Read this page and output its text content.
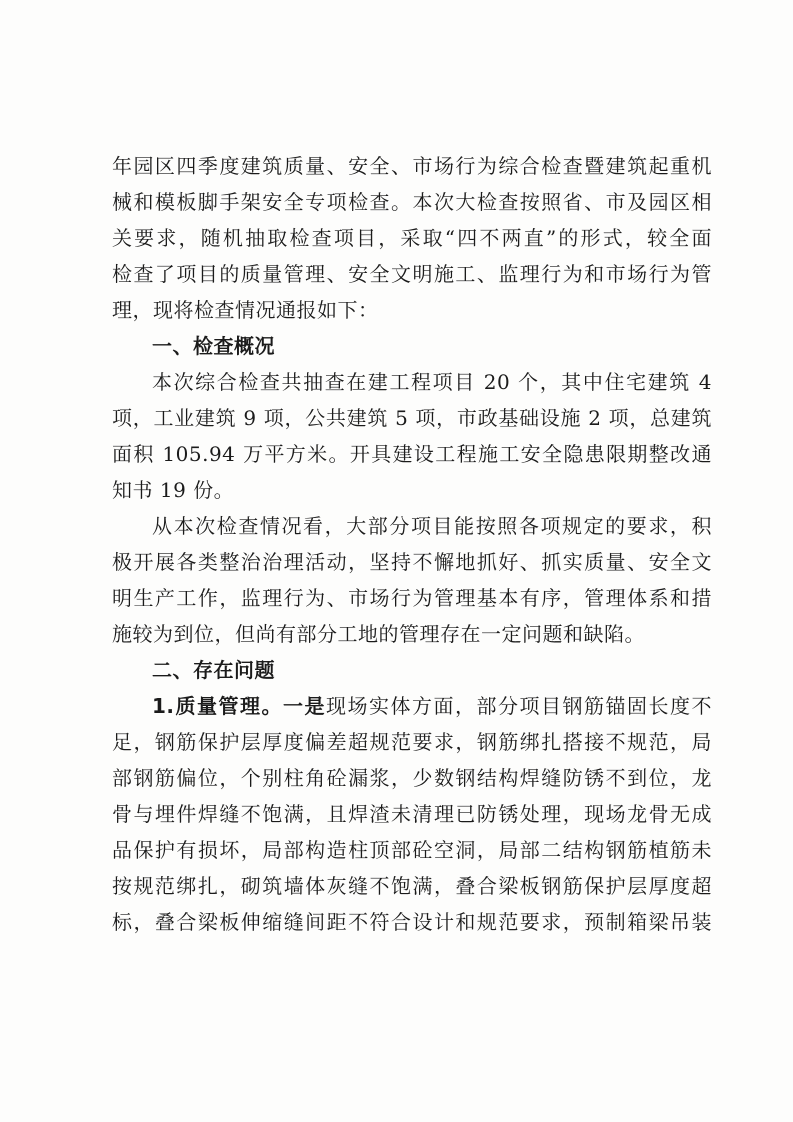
年园区四季度建筑质量、安全、市场行为综合检查暨建筑起重机
械和模板脚手架安全专项检查。本次大检查按照省、市及园区相
关要求，随机抽取检查项目，采取“四不两直”的形式，较全面
检查了项目的质量管理、安全文明施工、监理行为和市场行为管
理，现将检查情况通报如下：
一、检查概况
本次综合检查共抽查在建工程项目 20 个，其中住宅建筑 4
项，工业建筑 9 项，公共建筑 5 项，市政基础设施 2 项，总建筑
面积 105.94 万平方米。开具建设工程施工安全隐患限期整改通
知书 19 份。
从本次检查情况看，大部分项目能按照各项规定的要求，积
极开展各类整治治理活动，坚持不懈地抓好、抓实质量、安全文
明生产工作，监理行为、市场行为管理基本有序，管理体系和措
施较为到位，但尚有部分工地的管理存在一定问题和缺陷。
二、存在问题
1.质量管理。一是现场实体方面，部分项目钢筋锚固长度不
足，钢筋保护层厚度偏差超规范要求，钢筋绑扎搭接不规范，局
部钢筋偏位，个别柱角砼漏浆，少数钢结构焊缝防锈不到位，龙
骨与埋件焊缝不饱满，且焊渣未清理已防锈处理，现场龙骨无成
品保护有损坏，局部构造柱顶部砼空洞，局部二结构钢筋植筋未
按规范绑扎，砌筑墙体灰缝不饱满，叠合梁板钢筋保护层厚度超
标，叠合梁板伸缩缝间距不符合设计和规范要求，预制箱梁吊装
